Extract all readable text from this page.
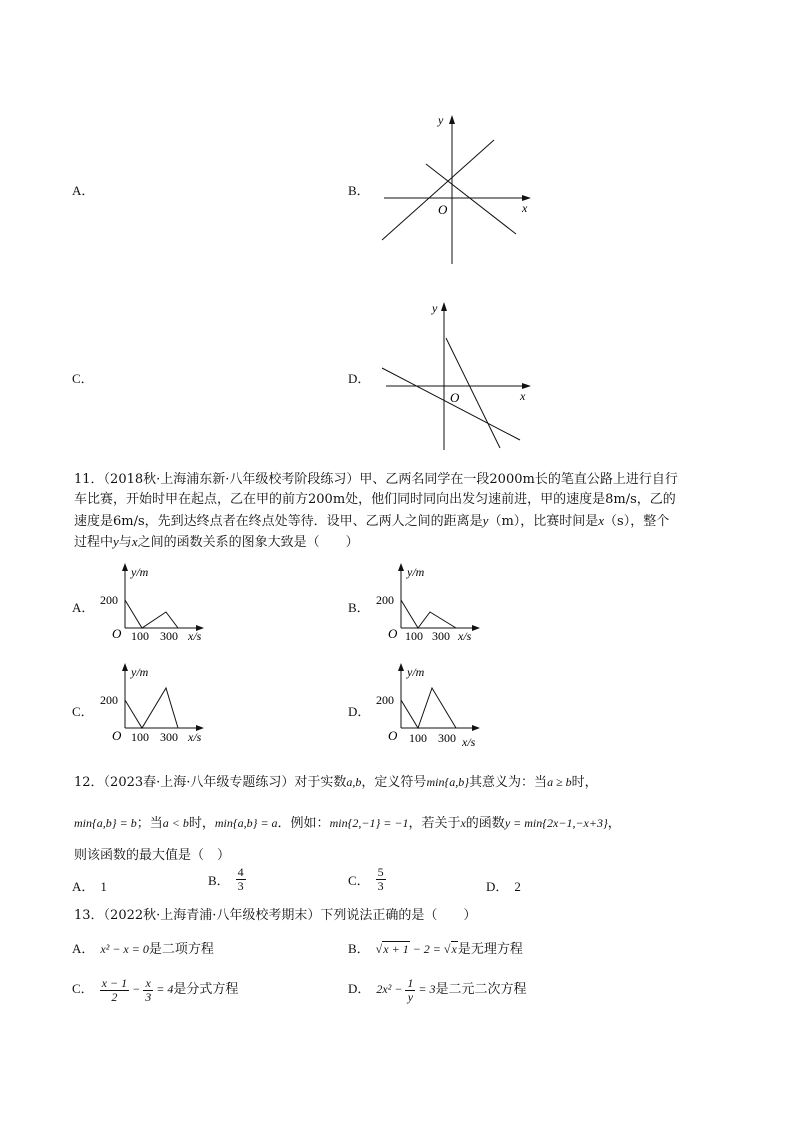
A．	B．
C．	D．
y
O	x
y
O	x
11．（2018秋·上海浦东新·八年级校考阶段练习）甲、乙两名同学在一段2000m长的笔直公路上进行自行
车比赛，开始时甲在起点，乙在甲的前方200m处，他们同时同向出发匀速前进，甲的速度是8m/s，乙的
速度是6m/s，先到达终点者在终点处等待．设甲、乙两人之间的距离是y（m），比赛时间是x（s），整个
过程中y与x之间的函数关系的图象大致是（　　）
A．	B．
C．	D．
y/m
200
O 100 300 x/s
y/m
200
O 100 300 x/s
y/m
200
O 100 300 x/s
y/m
200
O 100 300 x/s
12．（2023春·上海·八年级专题练习）对于实数a,b，定义符号min{a,b}其意义为：当a ≥ b时，
min{a,b} = b；当a < b时，min{a,b} = a．例如：min{2,−1} = −1，若关于x的函数y = min{2x−1,−x+3}，
则该函数的最大值是（　）
A． 1	B． $\frac{4}{3}$	C． $\frac{5}{3}$	D． 2
13．（2022秋·上海青浦·八年级校考期末）下列说法正确的是（　　）
A． x² − x = 0是二项方程	B． √x + 1 − 2 = √x是无理方程
C． $\frac{x - 1}{2} - \frac{x}{3} = 4$是分式方程	D． $2x^2 - \frac{1}{y} = 3$是二元二次方程
